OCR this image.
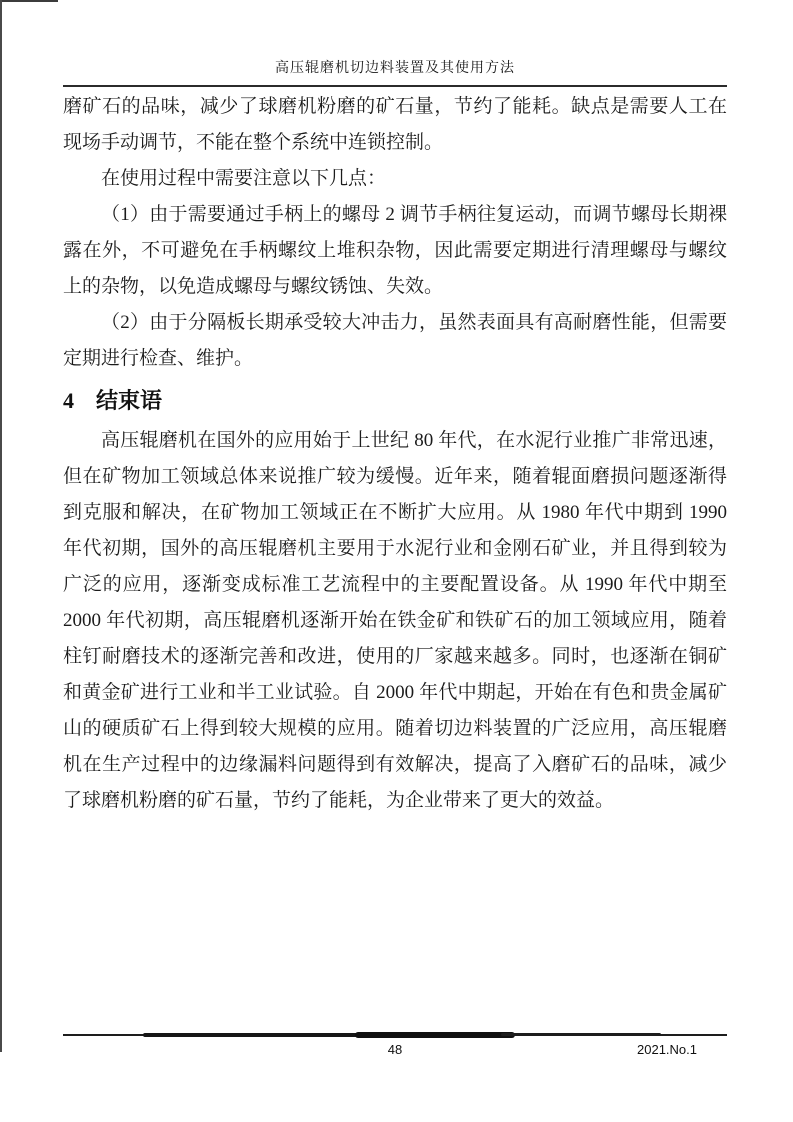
高压辊磨机切边料装置及其使用方法

磨矿石的品味，减少了球磨机粉磨的矿石量，节约了能耗。缺点是需要人工在现场手动调节，不能在整个系统中连锁控制。

在使用过程中需要注意以下几点：

（1）由于需要通过手柄上的螺母 2 调节手柄往复运动，而调节螺母长期裸露在外，不可避免在手柄螺纹上堆积杂物，因此需要定期进行清理螺母与螺纹上的杂物，以免造成螺母与螺纹锈蚀、失效。

（2）由于分隔板长期承受较大冲击力，虽然表面具有高耐磨性能，但需要定期进行检查、维护。

4 结束语

高压辊磨机在国外的应用始于上世纪 80 年代，在水泥行业推广非常迅速，但在矿物加工领域总体来说推广较为缓慢。近年来，随着辊面磨损问题逐渐得到克服和解决，在矿物加工领域正在不断扩大应用。从 1980 年代中期到 1990 年代初期，国外的高压辊磨机主要用于水泥行业和金刚石矿业，并且得到较为广泛的应用，逐渐变成标准工艺流程中的主要配置设备。从 1990 年代中期至 2000 年代初期，高压辊磨机逐渐开始在铁金矿和铁矿石的加工领域应用，随着柱钉耐磨技术的逐渐完善和改进，使用的厂家越来越多。同时，也逐渐在铜矿和黄金矿进行工业和半工业试验。自 2000 年代中期起，开始在有色和贵金属矿山的硬质矿石上得到较大规模的应用。随着切边料装置的广泛应用，高压辊磨机在生产过程中的边缘漏料问题得到有效解决，提高了入磨矿石的品味，减少了球磨机粉磨的矿石量，节约了能耗，为企业带来了更大的效益。

48	2021.No.1
